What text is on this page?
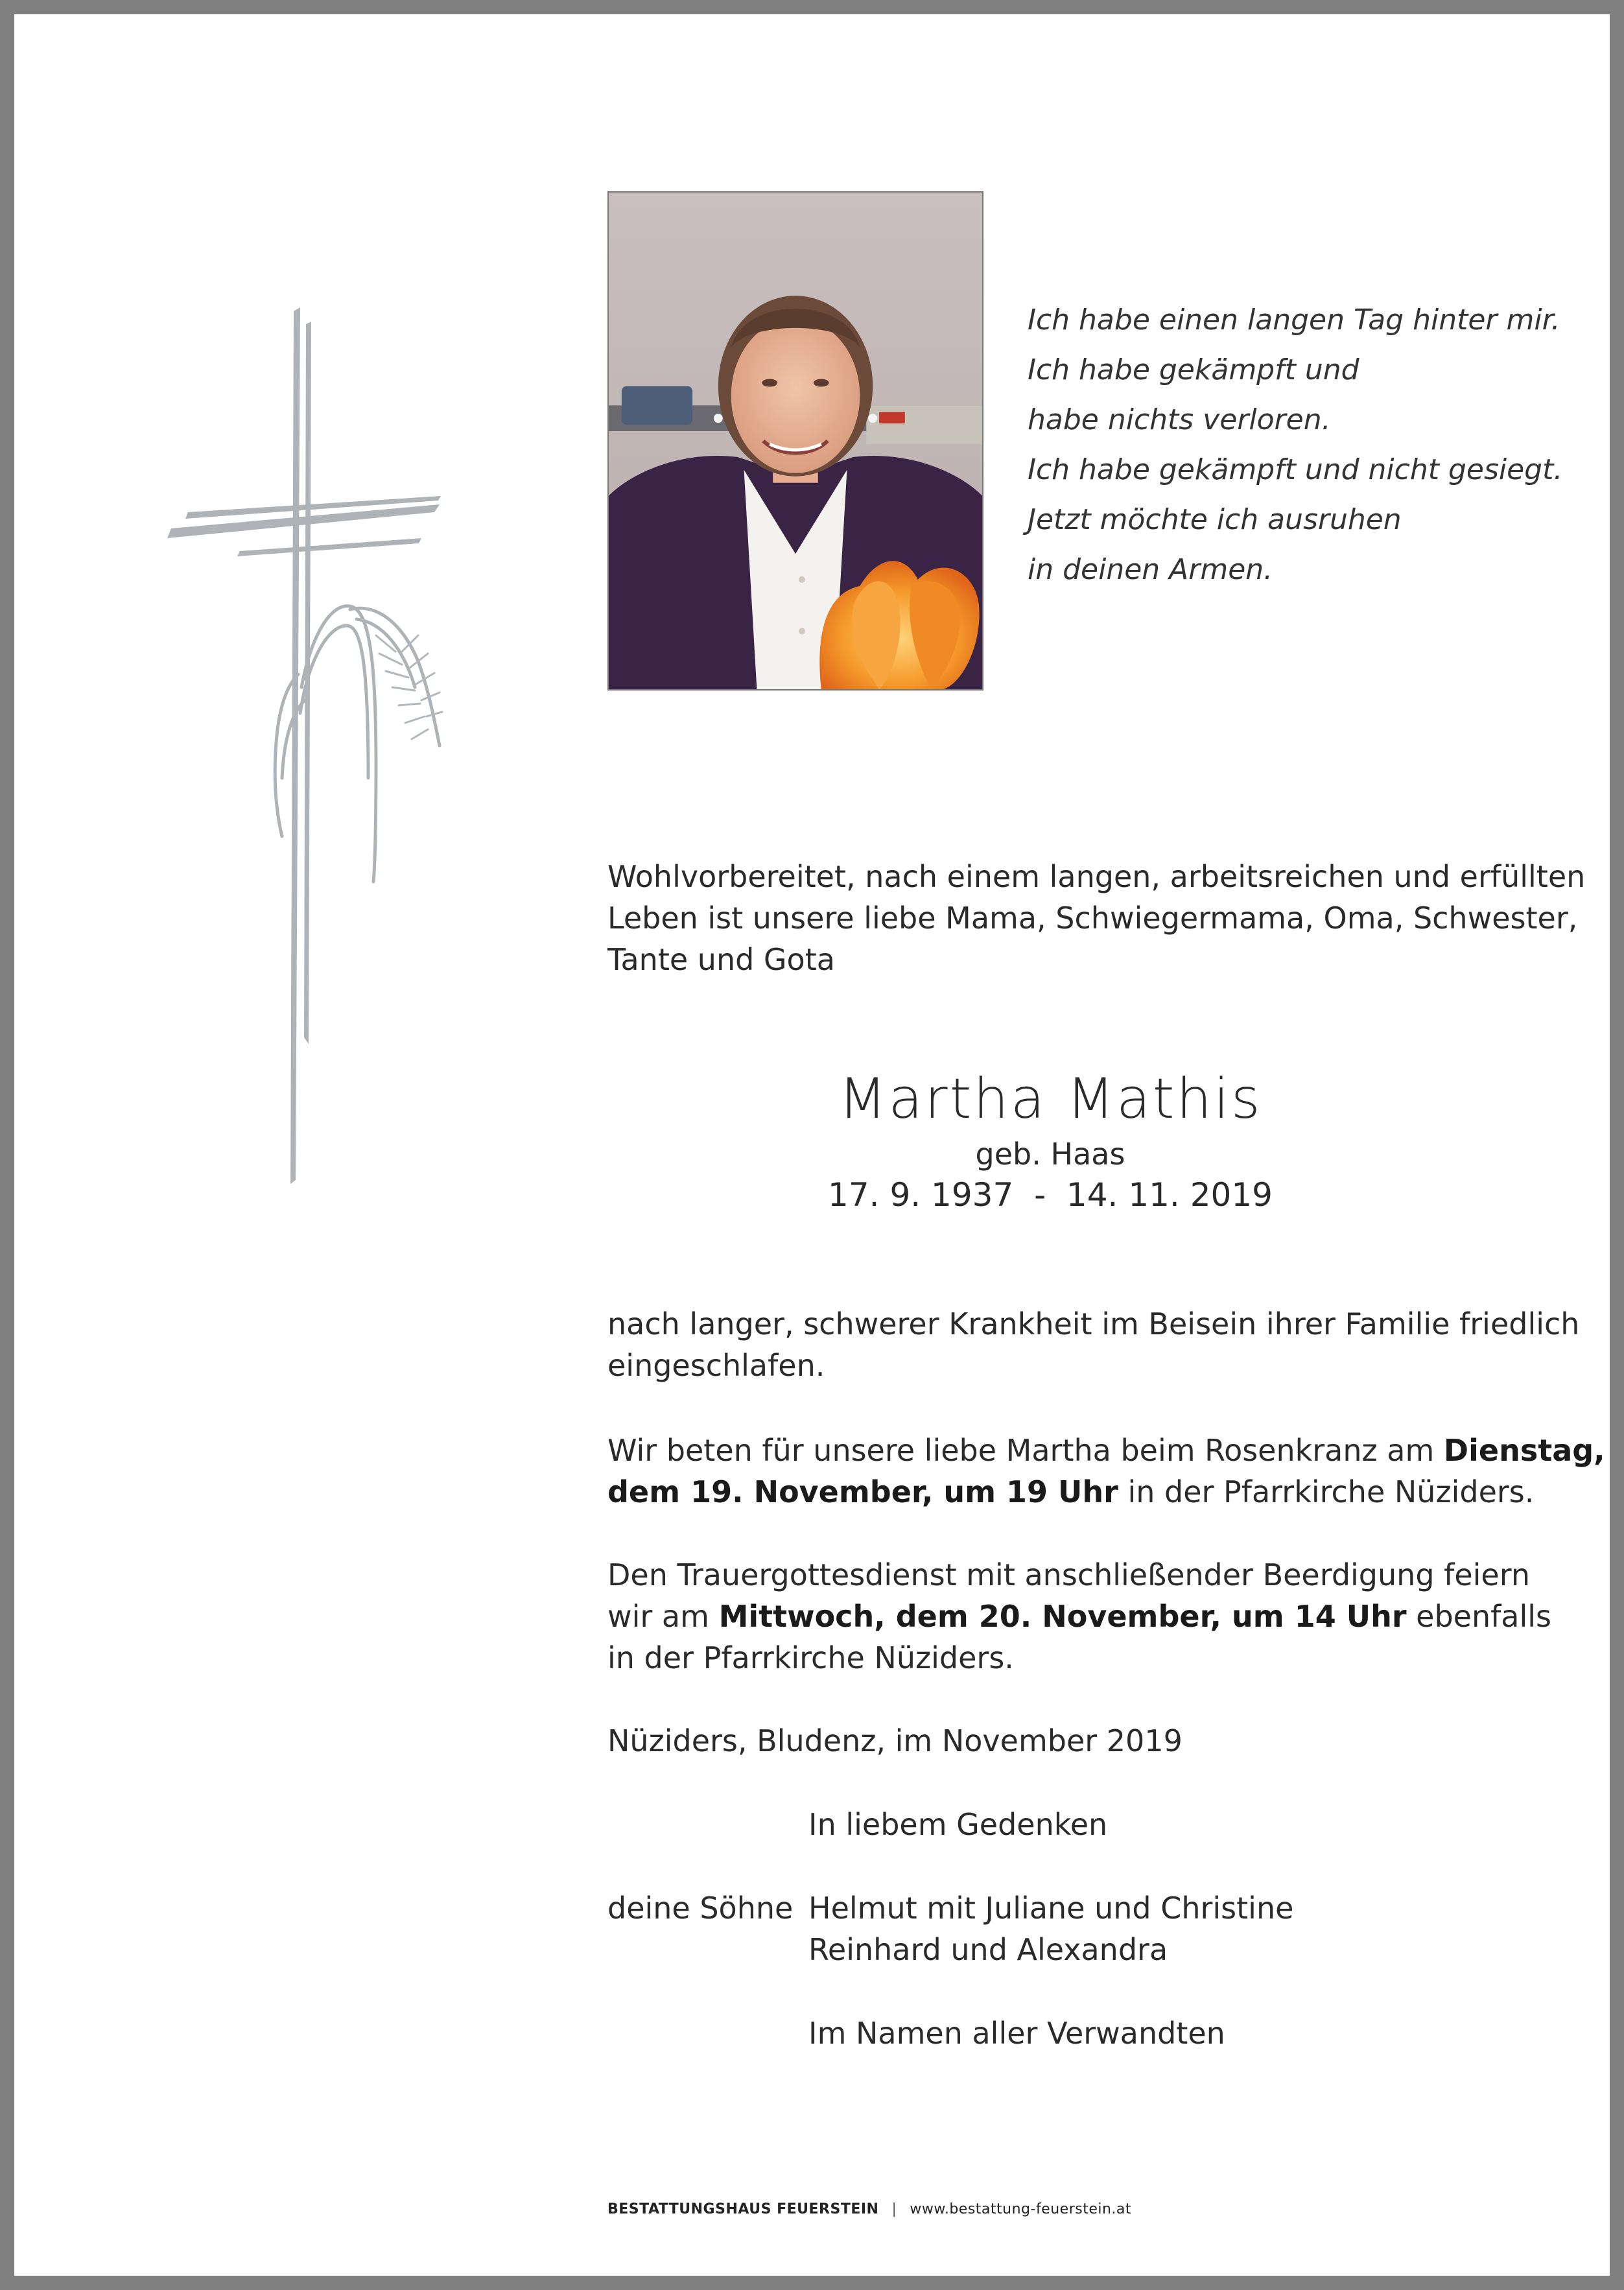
Ich habe einen langen Tag hinter mir.
Ich habe gekämpft und
habe nichts verloren.
Ich habe gekämpft und nicht gesiegt.
Jetzt möchte ich ausruhen
in deinen Armen.
Wohlvorbereitet, nach einem langen, arbeitsreichen und erfüllten
Leben ist unsere liebe Mama, Schwiegermama, Oma, Schwester,
Tante und Gota
Martha Mathis
geb. Haas
17. 9. 1937  -  14. 11. 2019
nach langer, schwerer Krankheit im Beisein ihrer Familie friedlich
eingeschlafen.
Wir beten für unsere liebe Martha beim Rosenkranz am Dienstag,
dem 19. November, um 19 Uhr in der Pfarrkirche Nüziders.
Den Trauergottesdienst mit anschließender Beerdigung feiern
wir am Mittwoch, dem 20. November, um 14 Uhr ebenfalls
in der Pfarrkirche Nüziders.
Nüziders, Bludenz, im November 2019
In liebem Gedenken
deine Söhne Helmut mit Juliane und Christine
Reinhard und Alexandra
Im Namen aller Verwandten
BESTATTUNGSHAUS FEUERSTEIN | www.bestattung-feuerstein.at
